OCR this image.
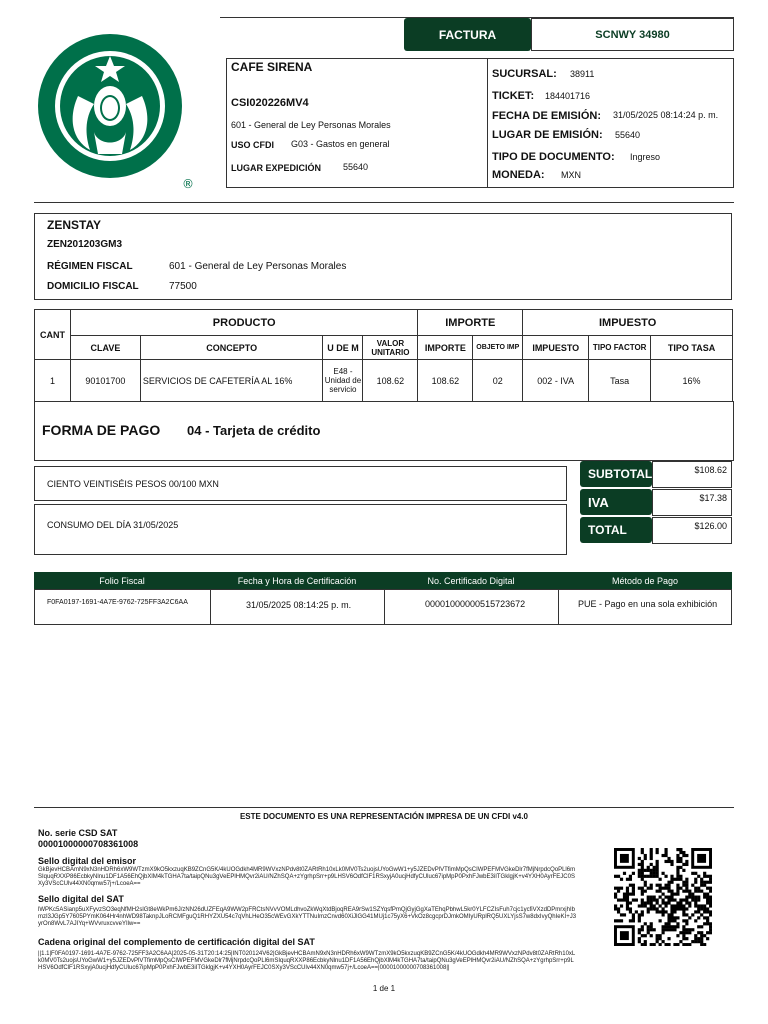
®
FACTURA	SCNWY 34980
CAFE SIRENA
CSI020226MV4
601 - General de Ley Personas Morales
USO CFDI G03 - Gastos en general
LUGAR EXPEDICIÓN 55640
SUCURSAL: 38911
TICKET: 184401716
FECHA DE EMISIÓN: 31/05/2025 08:14:24 p. m.
LUGAR DE EMISIÓN: 55640
TIPO DE DOCUMENTO: Ingreso
MONEDA: MXN
ZENSTAY
ZEN201203GM3
RÉGIMEN FISCAL	601 - General de Ley Personas Morales
DOMICILIO FISCAL	77500
CANT	PRODUCTO				IMPORTE		IMPUESTO		
	CLAVE	CONCEPTO	U DE M	VALOR UNITARIO	IMPORTE	OBJETO IMP	IMPUESTO	TIPO FACTOR	TIPO TASA
1	90101700	SERVICIOS DE CAFETERÍA AL 16%	E48 - Unidad de servicio	108.62	108.62	02	002 - IVA	Tasa	16%
FORMA DE PAGO 04 - Tarjeta de crédito
CIENTO VEINTISÉIS PESOS 00/100 MXN
CONSUMO DEL DÍA 31/05/2025
SUBTOTAL	$108.62
IVA	$17.38
TOTAL	$126.00
Folio Fiscal	Fecha y Hora de Certificación	No. Certificado Digital	Método de Pago
F0FA0197-1691-4A7E-9762-725FF3A2C6AA	31/05/2025 08:14:25 p. m.	00001000000515723672	PUE - Pago en una sola exhibición
ESTE DOCUMENTO ES UNA REPRESENTACIÓN IMPRESA DE UN CFDI v4.0
No. serie CSD SAT
00001000000708361008
Sello digital del emisor
GkBjevHCBAmN9xN3nHDRh6xW9WTzmX9kO5kxzuqKB9ZCnG5K/4kUOGdkh4MR9WVxzNPdv8t0ZARtRh10xLk0MV0Ts2uojsUYoGwW1+y5JZEDvPlVTfimMpQsCIWPEFMVGkeDlr7fMjNrpdcQoPLl6mSIquqRXXP86EcbkyNlnu1DF1A56EhQjbXlM4kTGHA7ta/taipQNu3gVeEPlHMQvr2iAU/NZhSQA+zYgrhpSrr+p9LHSV6OdfClF1RSxyjA0ucjHdfyCUluc67ipMpP0PxhFJwbE3iITGklgjK+v4YXH0AyrFEJC0SXy3VScCUlv44XN0qmw57j+/LcoeA==
Sello digital del SAT
lWPKc5ASianp5uXFyvzSO3eqNfMH2slGt8eWkPm6J/zNN26dUZFEqA9WW2pFRCtsNVvVOMLdhvoZkWqXtdBjoqREA9rSw1SZYqsfPmQjGyjGgXaTEhqPbhwL5kr0YLFCZIsFuh7cjc1ycfiVXzdDPmrxjhIbmzI3JGp5Y7605PYmK064Hr4nhWD98TaknpJLoRCMFguQ1RHYZXU54c7qVhLHeO35cWEvGXkYTTNuImzCnvd60XiJlGG41MUj1c75yX6+VkOz8cgcprDJmkOMIyURplRQ5UXLYjsS7w8dxIvyQhIeKI+J3yrOn8WvL7AJIYq+WVvruxcvveYIlw==
Cadena original del complemento de certificación digital del SAT
||1.1|F0FA0197-1691-4A7E-9762-725FF3A2C6AA|2025-05-31T20:14:25|INT020124V62|GkBjevHCBAmN9xN3nHDRh6xW9WTzmX9kO5kxzuqKB9ZCnG5K/4kUOGdkh4MR9WVxzNPdv8t0ZARtRh10xLk0MV0Ts2uojsUYoGwW1+y5JZEDvPlVTfimMpQsCIWPEFMVGkeDlr7fMjNrpdcQoPLl6mSIquqRXXP86EcbkyNlnu1DF1A56EhQjbXlM4kTGHA7ta/taipQNu3gVeEPlHMQvr2iAU/NZhSQA+zYgrhpSrr+p9LHSV6OdfClF1RSxyjA0ucjHdfyCUluc67ipMpP0PxhFJwbE3iITGklgjK+v4YXH0AyrFEJC0SXy3VScCUlv44XN0qmw57j+/LcoeA==|00001000000708361008||
1 de 1
